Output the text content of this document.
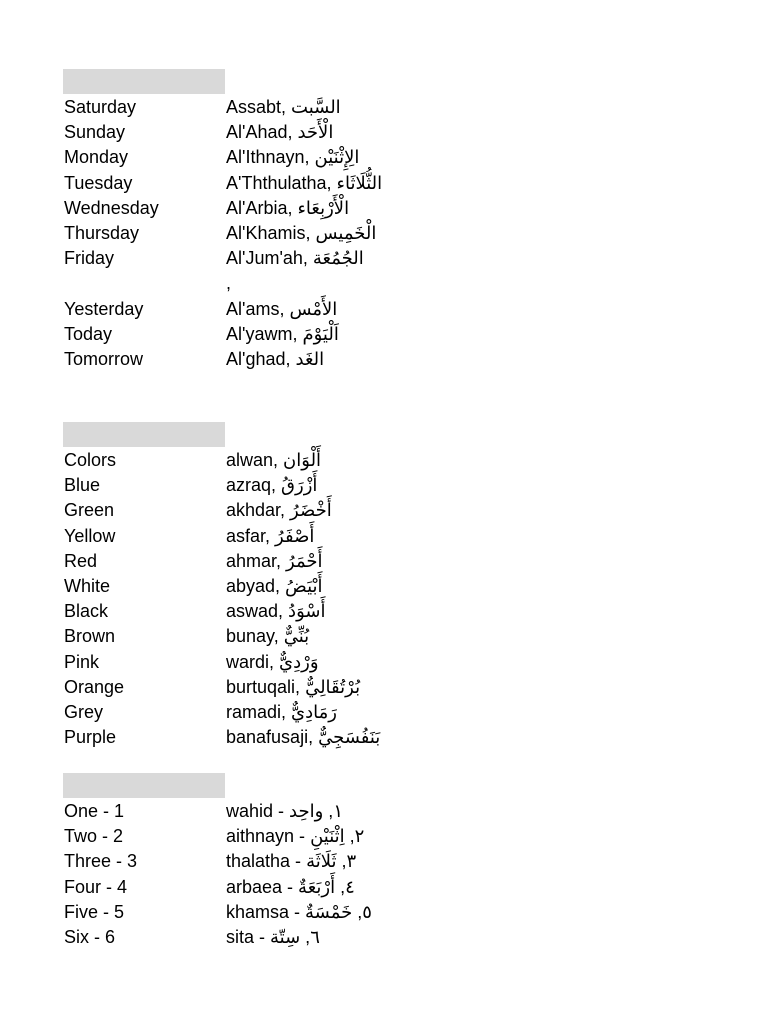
Saturday	Assabt, السَّبت
Sunday	Al'Ahad, الْأَحَد
Monday	Al'Ithnayn, الِإِثْنَيْن
Tuesday	A'Ththulatha, الثُّلَاثَاء
Wednesday	Al'Arbia, الْأَرْبِعَاء
Thursday	Al'Khamis, الْخَمِيس
Friday	Al'Jum'ah, الجُمُعَة
,
Yesterday	Al'ams, الأَمْس
Today	Al'yawm, اَلْيَوْمَ
Tomorrow	Al'ghad, الغَد
Colors	alwan, أَلْوَان
Blue	azraq, أَزْرَقُ
Green	akhdar, أَخْضَرُ
Yellow	asfar, أَصْفَرُ
Red	ahmar, أَحْمَرُ
White	abyad, أَبْيَضُ
Black	aswad, أَسْوَدُ
Brown	bunay, بُنِّيٌّ
Pink	wardi, وَرْدِيٌّ
Orange	burtuqali, بُرْتُقَالِيٌّ
Grey	ramadi, رَمَادِيٌّ
Purple	banafusaji, بَنَفُسَجِيٌّ
One - 1	wahid - ١, واحِد
Two - 2	aithnayn - ٢, اِثْنَيْنِ
Three - 3	thalatha - ٣, ثَلَاثَة
Four - 4	arbaea - ٤, أَرْبَعَةٌ
Five - 5	khamsa - ٥, خَمْسَةٌ
Six - 6	sita - ٦, سِتّة
